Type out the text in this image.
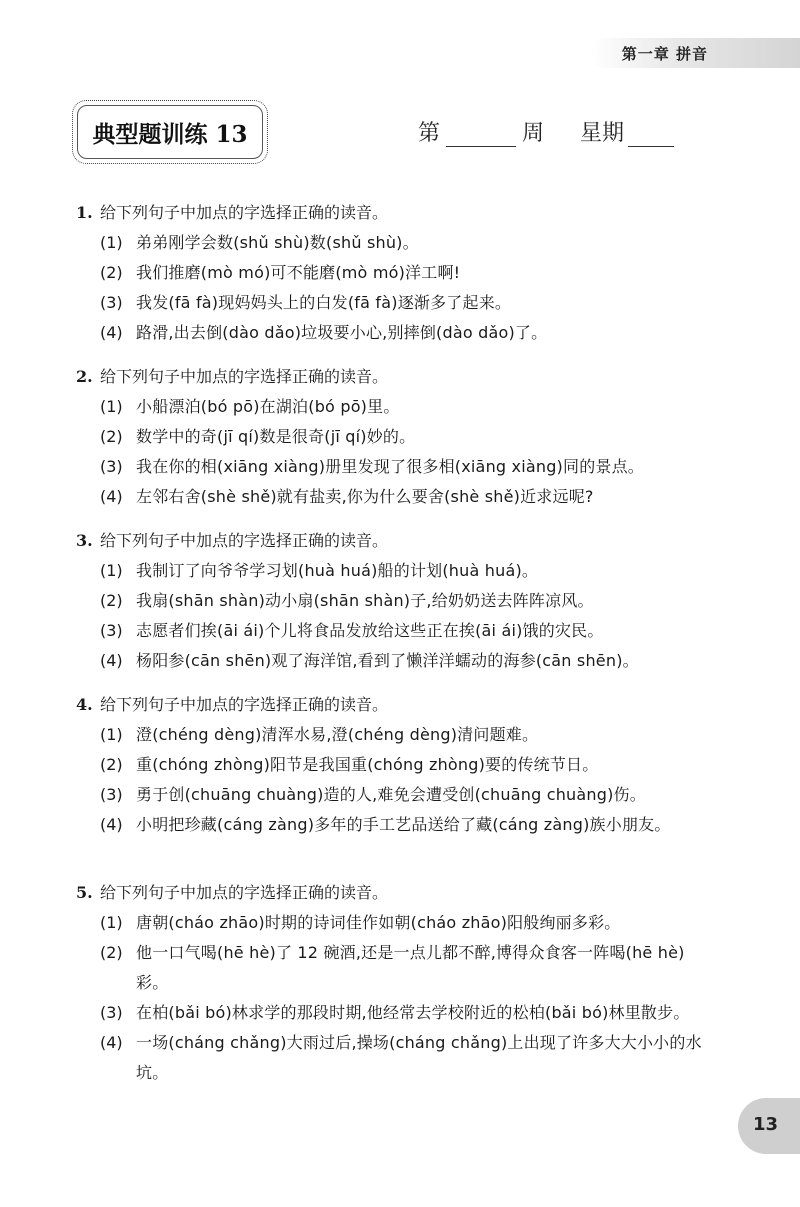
第一章 拼音
典型题训练 13	第	周 星期
1. 给下列句子中加点的字选择正确的读音。
(1) 弟弟刚学会数(shǔ shù)数(shǔ shù)。
(2) 我们推磨(mò mó)可不能磨(mò mó)洋工啊!
(3) 我发(fā fà)现妈妈头上的白发(fā fà)逐渐多了起来。
(4) 路滑,出去倒(dào dǎo)垃圾要小心,别摔倒(dào dǎo)了。
2. 给下列句子中加点的字选择正确的读音。
(1) 小船漂泊(bó pō)在湖泊(bó pō)里。
(2) 数学中的奇(jī qí)数是很奇(jī qí)妙的。
(3) 我在你的相(xiāng xiàng)册里发现了很多相(xiāng xiàng)同的景点。
(4) 左邻右舍(shè shě)就有盐卖,你为什么要舍(shè shě)近求远呢?
3. 给下列句子中加点的字选择正确的读音。
(1) 我制订了向爷爷学习划(huà huá)船的计划(huà huá)。
(2) 我扇(shān shàn)动小扇(shān shàn)子,给奶奶送去阵阵凉风。
(3) 志愿者们挨(āi ái)个儿将食品发放给这些正在挨(āi ái)饿的灾民。
(4) 杨阳参(cān shēn)观了海洋馆,看到了懒洋洋蠕动的海参(cān shēn)。
4. 给下列句子中加点的字选择正确的读音。
(1) 澄(chéng dèng)清浑水易,澄(chéng dèng)清问题难。
(2) 重(chóng zhòng)阳节是我国重(chóng zhòng)要的传统节日。
(3) 勇于创(chuāng chuàng)造的人,难免会遭受创(chuāng chuàng)伤。
(4) 小明把珍藏(cáng zàng)多年的手工艺品送给了藏(cáng zàng)族小朋友。
5. 给下列句子中加点的字选择正确的读音。
(1) 唐朝(cháo zhāo)时期的诗词佳作如朝(cháo zhāo)阳般绚丽多彩。
(2) 他一口气喝(hē hè)了 12 碗酒,还是一点儿都不醉,博得众食客一阵喝(hē hè)彩。
(3) 在柏(bǎi bó)林求学的那段时期,他经常去学校附近的松柏(bǎi bó)林里散步。
(4) 一场(cháng chǎng)大雨过后,操场(cháng chǎng)上出现了许多大大小小的水坑。
13
